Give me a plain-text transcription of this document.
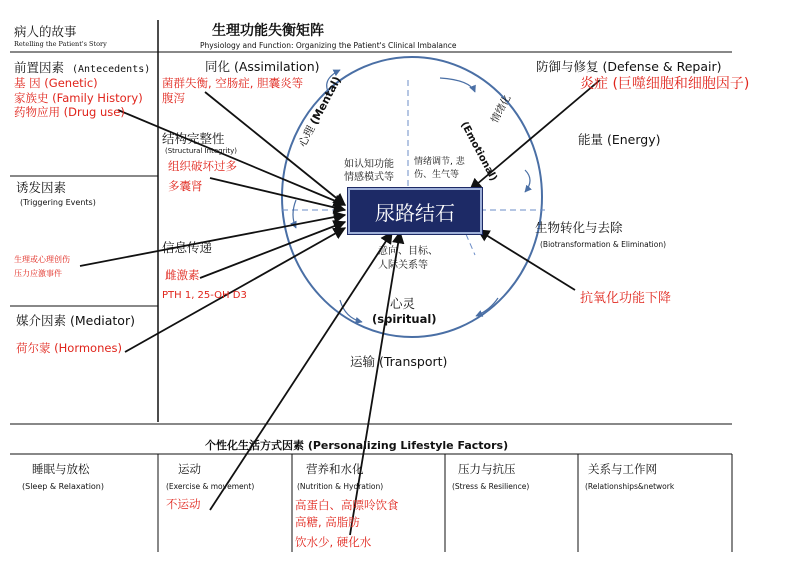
病人的故事
Retelling the Patient's Story
前置因素 (Antecedents)
基 因 (Genetic)
家族史 (Family History)
药物应用 (Drug use)
诱发因素
(Triggering Events)
生理或心理创伤
压力应激事件
媒介因素 (Mediator)
荷尔蒙 (Hormones)
生理功能失衡矩阵
Physiology and Function: Organizing the Patient's Clinical Imbalance
同化 (Assimilation)
菌群失衡, 空肠症, 胆囊炎等
腹泻
结构完整性
(Structural Integrity)
组织破坏过多
多囊肾
信息传递
雌激素
PTH 1, 25-OH D3
防御与修复 (Defense & Repair)
炎症 (巨噬细胞和细胞因子)
能量 (Energy)
生物转化与去除
(Biotransformation & Elimination)
抗氧化功能下降
运输 (Transport)
心理(Mental)
如认知功能
情感模式等	(Emotional)
情绪化
情绪调节, 悲
伤、生气等
意向、目标、
人际关系等
心灵
(spiritual)
尿路结石
个性化生活方式因素 (Personalizing Lifestyle Factors)
睡眠与放松
(Sleep & Relaxation)
运动
(Exercise & movement)
不运动
营养和水化
(Nutrition & Hydration)
高蛋白、高嘌呤饮食
高糖, 高脂肪
饮水少, 硬化水
压力与抗压
(Stress & Resilience)
关系与工作网
(Relationships&network
